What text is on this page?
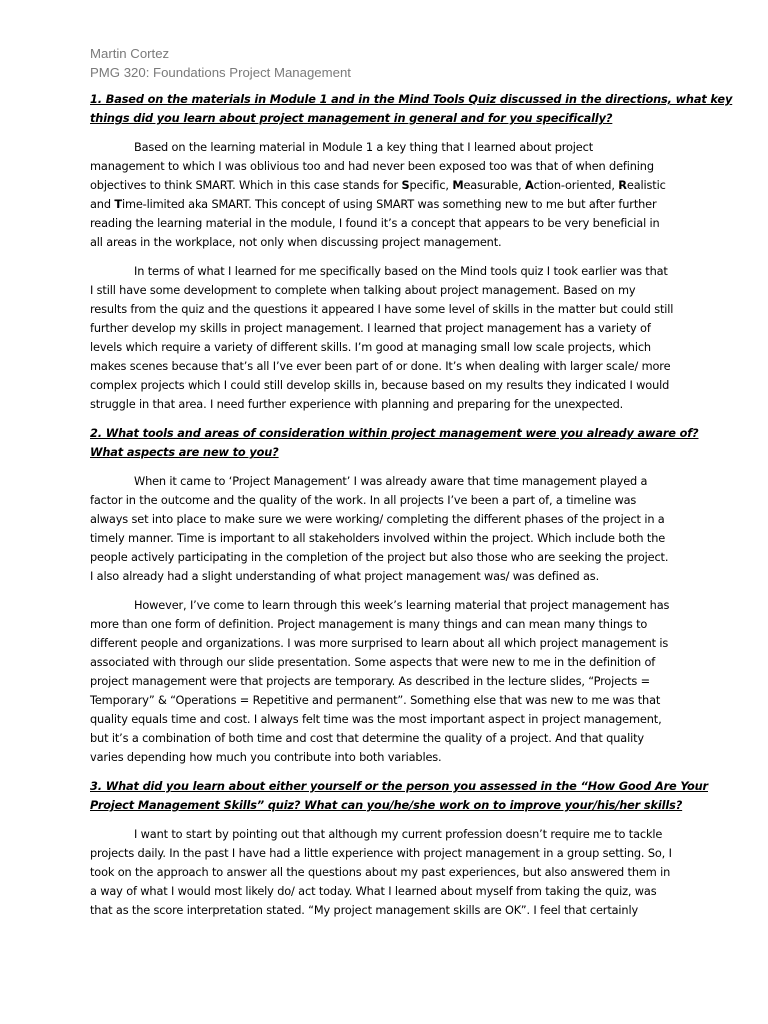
Martin Cortez
PMG 320: Foundations Project Management

1. Based on the materials in Module 1 and in the Mind Tools Quiz discussed in the directions, what key
things did you learn about project management in general and for you specifically?

Based on the learning material in Module 1 a key thing that I learned about project
management to which I was oblivious too and had never been exposed too was that of when defining
objectives to think SMART. Which in this case stands for Specific, Measurable, Action-oriented, Realistic
and Time-limited aka SMART. This concept of using SMART was something new to me but after further
reading the learning material in the module, I found it’s a concept that appears to be very beneficial in
all areas in the workplace, not only when discussing project management.

In terms of what I learned for me specifically based on the Mind tools quiz I took earlier was that
I still have some development to complete when talking about project management. Based on my
results from the quiz and the questions it appeared I have some level of skills in the matter but could still
further develop my skills in project management. I learned that project management has a variety of
levels which require a variety of different skills. I’m good at managing small low scale projects, which
makes scenes because that’s all I’ve ever been part of or done. It’s when dealing with larger scale/ more
complex projects which I could still develop skills in, because based on my results they indicated I would
struggle in that area. I need further experience with planning and preparing for the unexpected.

2. What tools and areas of consideration within project management were you already aware of?
What aspects are new to you?

When it came to ‘Project Management’ I was already aware that time management played a
factor in the outcome and the quality of the work. In all projects I’ve been a part of, a timeline was
always set into place to make sure we were working/ completing the different phases of the project in a
timely manner. Time is important to all stakeholders involved within the project. Which include both the
people actively participating in the completion of the project but also those who are seeking the project.
I also already had a slight understanding of what project management was/ was defined as.

However, I’ve come to learn through this week’s learning material that project management has
more than one form of definition. Project management is many things and can mean many things to
different people and organizations. I was more surprised to learn about all which project management is
associated with through our slide presentation. Some aspects that were new to me in the definition of
project management were that projects are temporary. As described in the lecture slides, “Projects =
Temporary” & “Operations = Repetitive and permanent”. Something else that was new to me was that
quality equals time and cost. I always felt time was the most important aspect in project management,
but it’s a combination of both time and cost that determine the quality of a project. And that quality
varies depending how much you contribute into both variables.

3. What did you learn about either yourself or the person you assessed in the “How Good Are Your
Project Management Skills” quiz? What can you/he/she work on to improve your/his/her skills?

I want to start by pointing out that although my current profession doesn’t require me to tackle
projects daily. In the past I have had a little experience with project management in a group setting. So, I
took on the approach to answer all the questions about my past experiences, but also answered them in
a way of what I would most likely do/ act today. What I learned about myself from taking the quiz, was
that as the score interpretation stated. “My project management skills are OK”. I feel that certainly
